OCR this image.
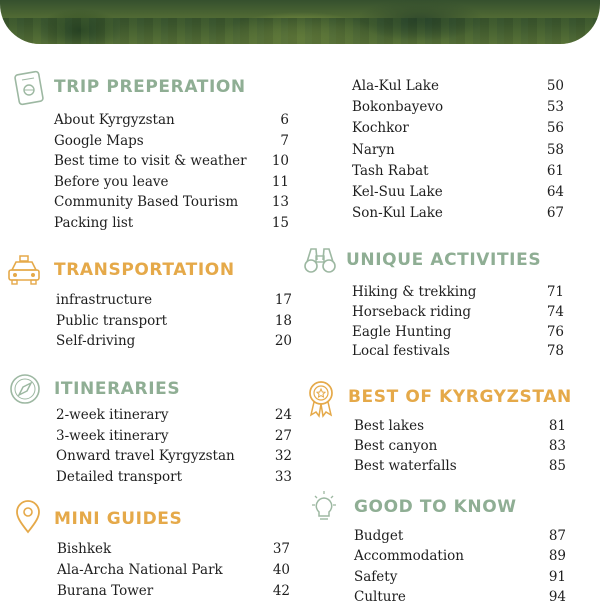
TRIP PREPERATION
About Kyrgyzstan	6
Google Maps	7
Best time to visit & weather	10
Before you leave	11
Community Based Tourism	13
Packing list	15
TRANSPORTATION
infrastructure	17
Public transport	18
Self-driving	20
ITINERARIES
2-week itinerary	24
3-week itinerary	27
Onward travel Kyrgyzstan	32
Detailed transport	33
MINI GUIDES
Bishkek	37
Ala-Archa National Park	40
Burana Tower	42
Ala-Kul Lake	50
Bokonbayevo	53
Kochkor	56
Naryn	58
Tash Rabat	61
Kel-Suu Lake	64
Son-Kul Lake	67
UNIQUE ACTIVITIES
Hiking & trekking	71
Horseback riding	74
Eagle Hunting	76
Local festivals	78
BEST OF KYRGYZSTAN
Best lakes	81
Best canyon	83
Best waterfalls	85
GOOD TO KNOW
Budget	87
Accommodation	89
Safety	91
Culture	94
